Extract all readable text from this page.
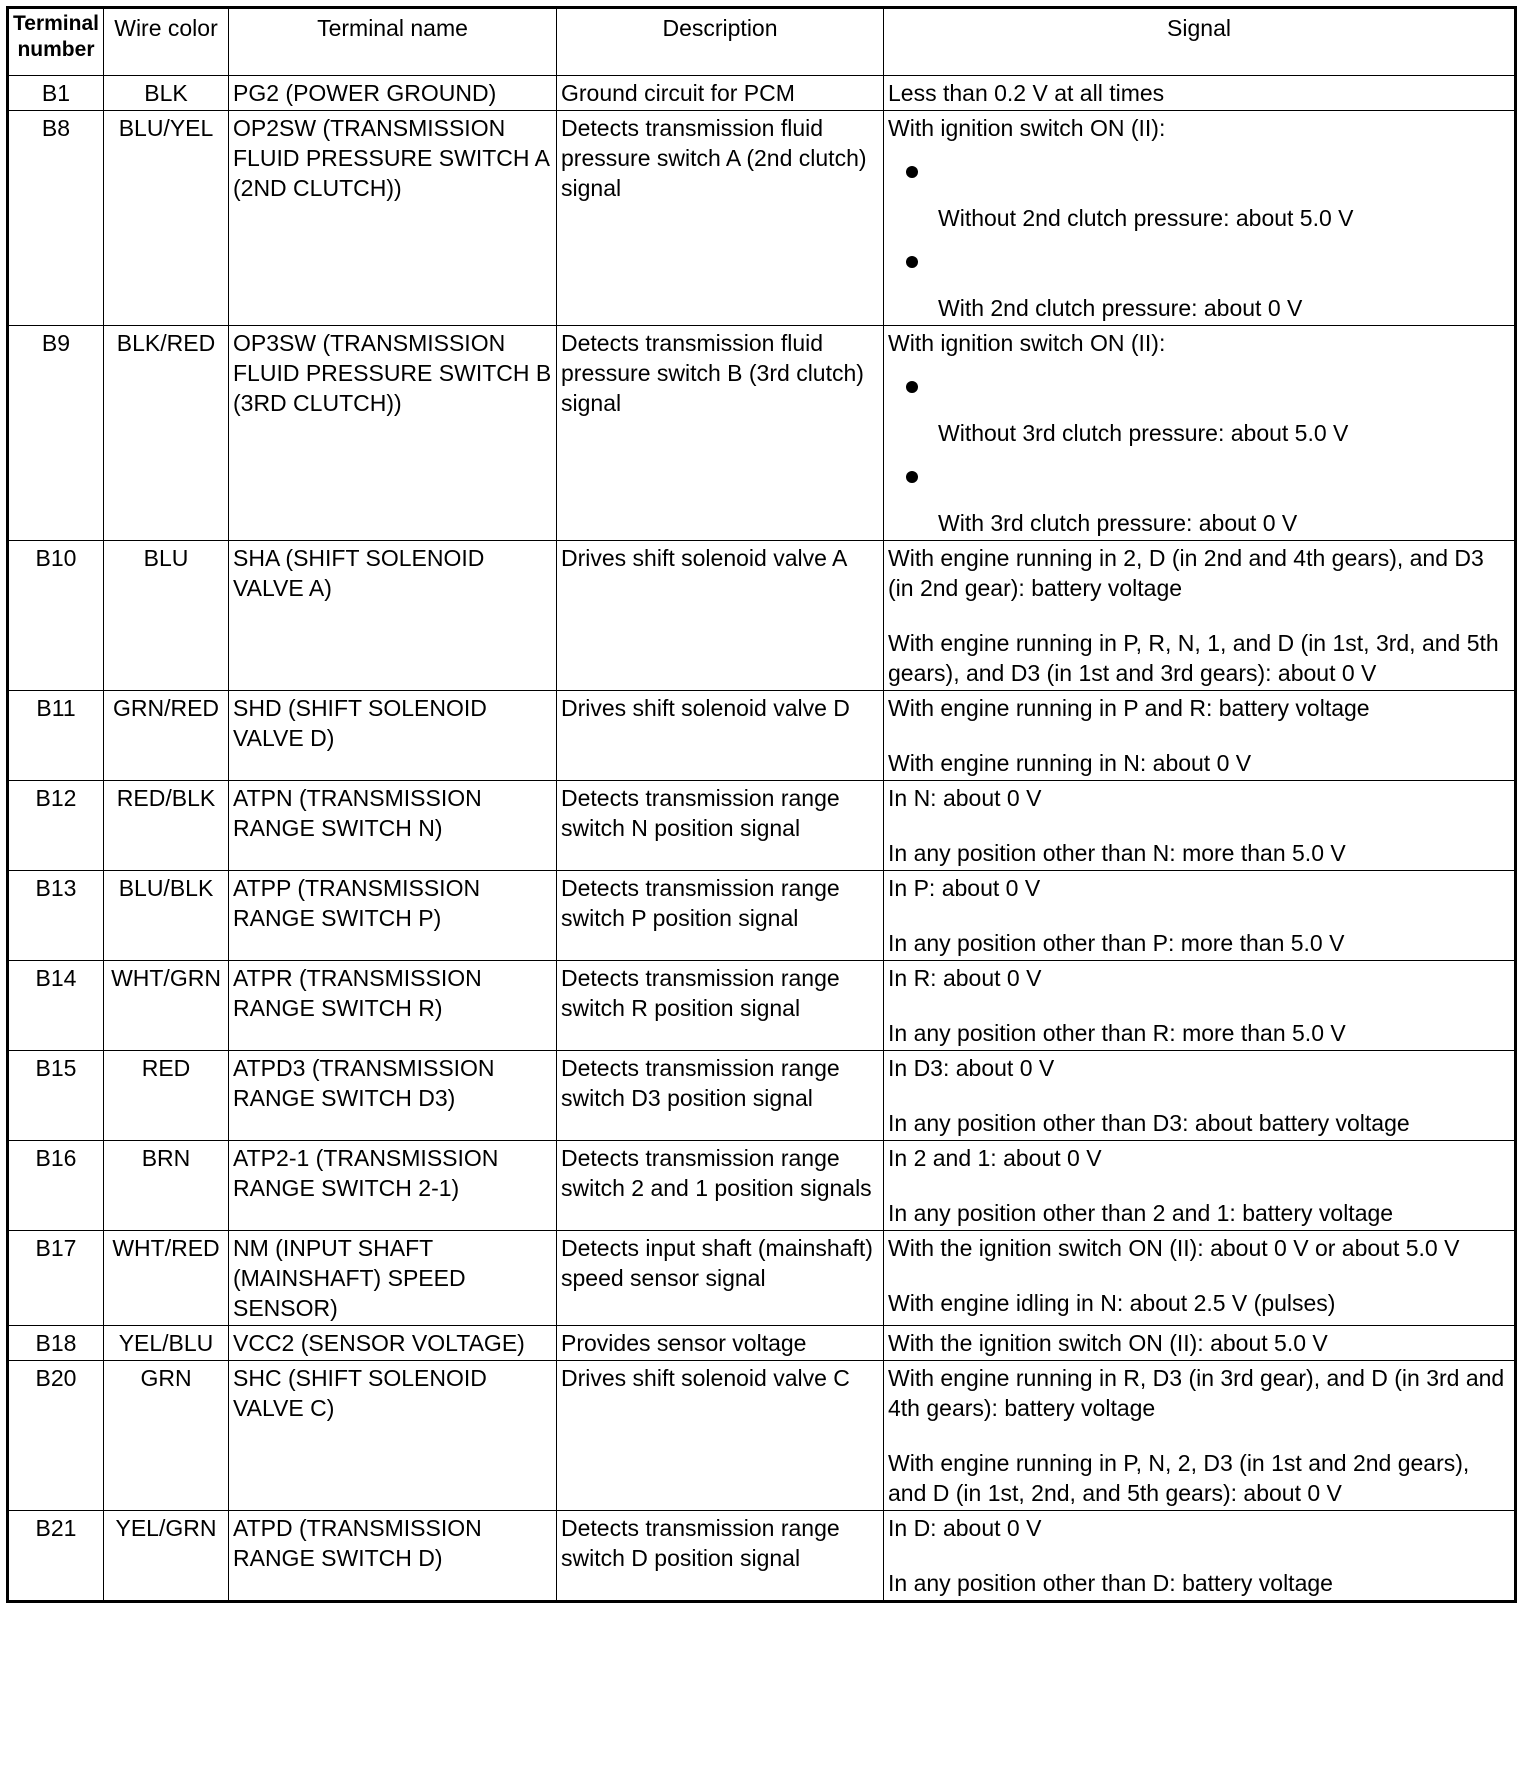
Terminal number	Wire color	Terminal name	Description	Signal
B1	BLK	PG2 (POWER GROUND)	Ground circuit for PCM	Less than 0.2 V at all times

B8	BLU/YEL	OP2SW (TRANSMISSION FLUID PRESSURE SWITCH A (2ND CLUTCH))	Detects transmission fluid pressure switch A (2nd clutch) signal	With ignition switch ON (II):
Without 2nd clutch pressure: about 5.0 V
With 2nd clutch pressure: about 0 V

B9	BLK/RED	OP3SW (TRANSMISSION FLUID PRESSURE SWITCH B (3RD CLUTCH))	Detects transmission fluid pressure switch B (3rd clutch) signal	With ignition switch ON (II):
Without 3rd clutch pressure: about 5.0 V
With 3rd clutch pressure: about 0 V

B10	BLU	SHA (SHIFT SOLENOID VALVE A)	Drives shift solenoid valve A	With engine running in 2, D (in 2nd and 4th gears), and D3 (in 2nd gear): battery voltage
With engine running in P, R, N, 1, and D (in 1st, 3rd, and 5th gears), and D3 (in 1st and 3rd gears): about 0 V

B11	GRN/RED	SHD (SHIFT SOLENOID VALVE D)	Drives shift solenoid valve D	With engine running in P and R: battery voltage
With engine running in N: about 0 V

B12	RED/BLK	ATPN (TRANSMISSION RANGE SWITCH N)	Detects transmission range switch N position signal	In N: about 0 V
In any position other than N: more than 5.0 V

B13	BLU/BLK	ATPP (TRANSMISSION RANGE SWITCH P)	Detects transmission range switch P position signal	In P: about 0 V
In any position other than P: more than 5.0 V

B14	WHT/GRN	ATPR (TRANSMISSION RANGE SWITCH R)	Detects transmission range switch R position signal	In R: about 0 V
In any position other than R: more than 5.0 V

B15	RED	ATPD3 (TRANSMISSION RANGE SWITCH D3)	Detects transmission range switch D3 position signal	In D3: about 0 V
In any position other than D3: about battery voltage

B16	BRN	ATP2-1 (TRANSMISSION RANGE SWITCH 2-1)	Detects transmission range switch 2 and 1 position signals	In 2 and 1: about 0 V
In any position other than 2 and 1: battery voltage

B17	WHT/RED	NM (INPUT SHAFT (MAINSHAFT) SPEED SENSOR)	Detects input shaft (mainshaft) speed sensor signal	With the ignition switch ON (II): about 0 V or about 5.0 V
With engine idling in N: about 2.5 V (pulses)

B18	YEL/BLU	VCC2 (SENSOR VOLTAGE)	Provides sensor voltage	With the ignition switch ON (II): about 5.0 V

B20	GRN	SHC (SHIFT SOLENOID VALVE C)	Drives shift solenoid valve C	With engine running in R, D3 (in 3rd gear), and D (in 3rd and 4th gears): battery voltage
With engine running in P, N, 2, D3 (in 1st and 2nd gears), and D (in 1st, 2nd, and 5th gears): about 0 V

B21	YEL/GRN	ATPD (TRANSMISSION RANGE SWITCH D)	Detects transmission range switch D position signal	In D: about 0 V
In any position other than D: battery voltage
